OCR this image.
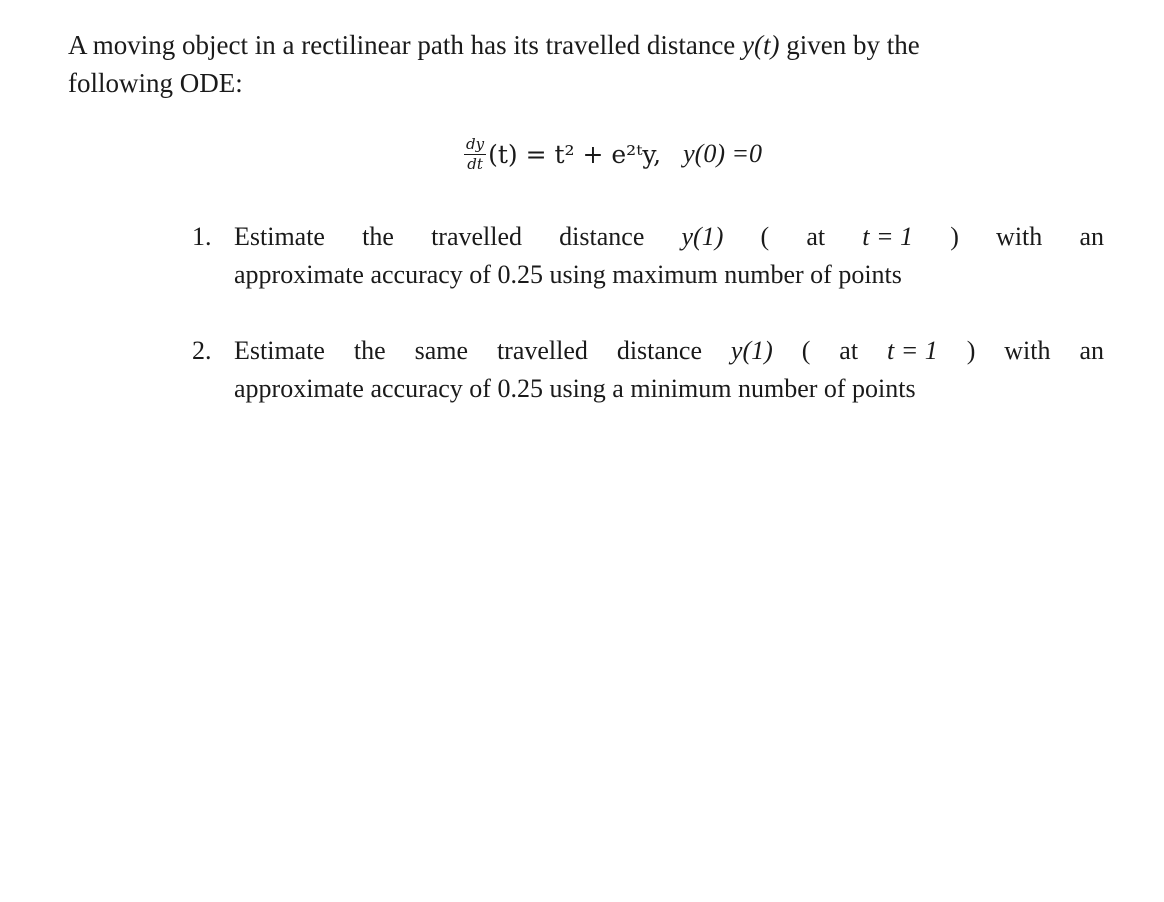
A moving object in a rectilinear path has its travelled distance y(t) given by the
following ODE:
$\frac{dy}{dt} (t) = t^2$ + e²ᵗy, y(0) =0
1. Estimate the travelled distance y(1) ( at t = 1 ) with an
approximate accuracy of 0.25 using maximum number of points
2. Estimate the same travelled distance y(1) ( at t = 1 ) with an
approximate accuracy of 0.25 using a minimum number of points
